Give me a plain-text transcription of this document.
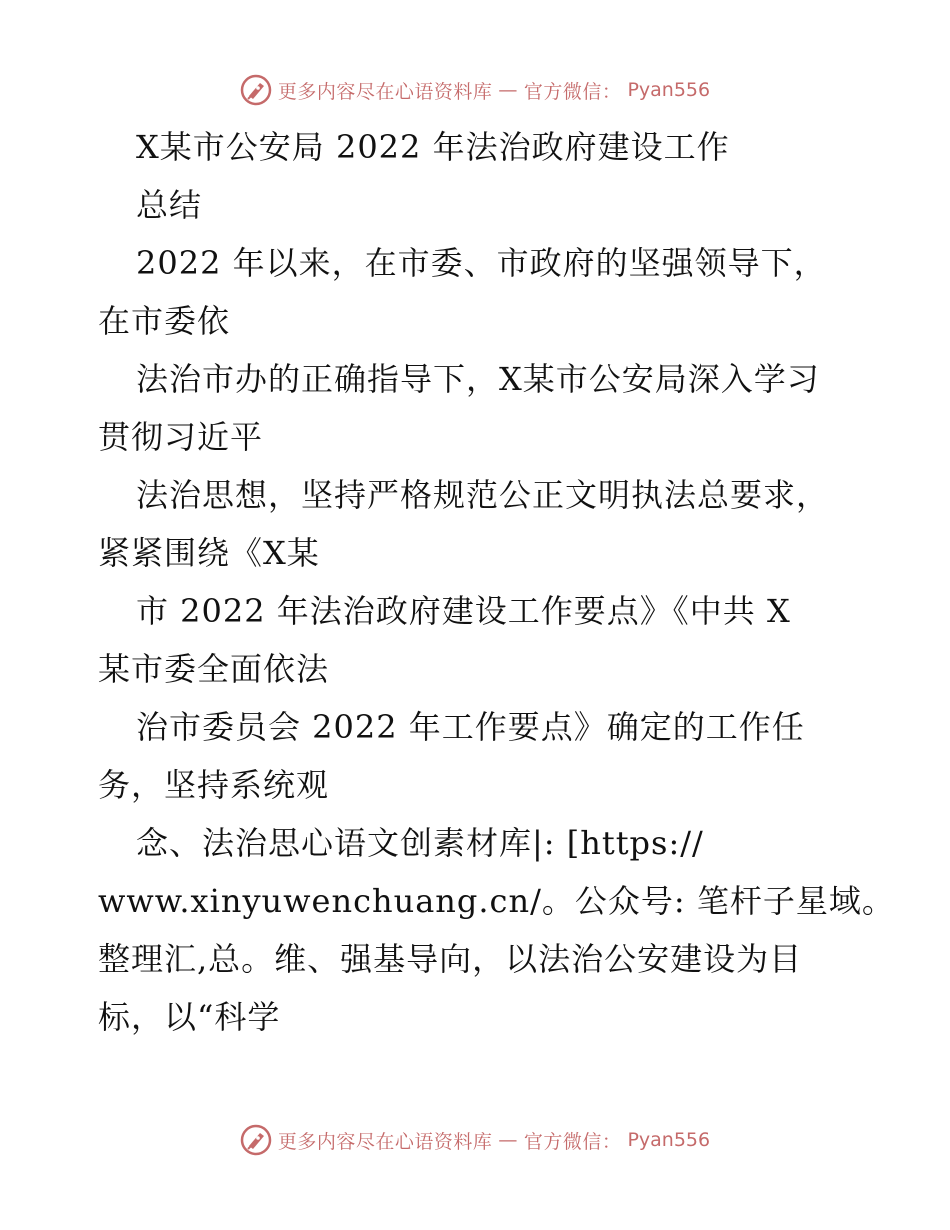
更多内容尽在心语资料库 — 官方微信： Pyan556
X某市公安局 2022 年法治政府建设工作
总结
2022 年以来，在市委、市政府的坚强领导下，
在市委依
法治市办的正确指导下，X某市公安局深入学习
贯彻习近平
法治思想，坚持严格规范公正文明执法总要求，
紧紧围绕《X某
市 2022 年法治政府建设工作要点》《中共 X
某市委全面依法
治市委员会 2022 年工作要点》确定的工作任
务，坚持系统观
念、法治思心语文创素材库|: [https://
www.xinyuwenchuang.cn/。公众号: 笔杆子星域。
整理汇,总。维、强基导向，以法治公安建设为目
标，以“科学
更多内容尽在心语资料库 — 官方微信： Pyan556
